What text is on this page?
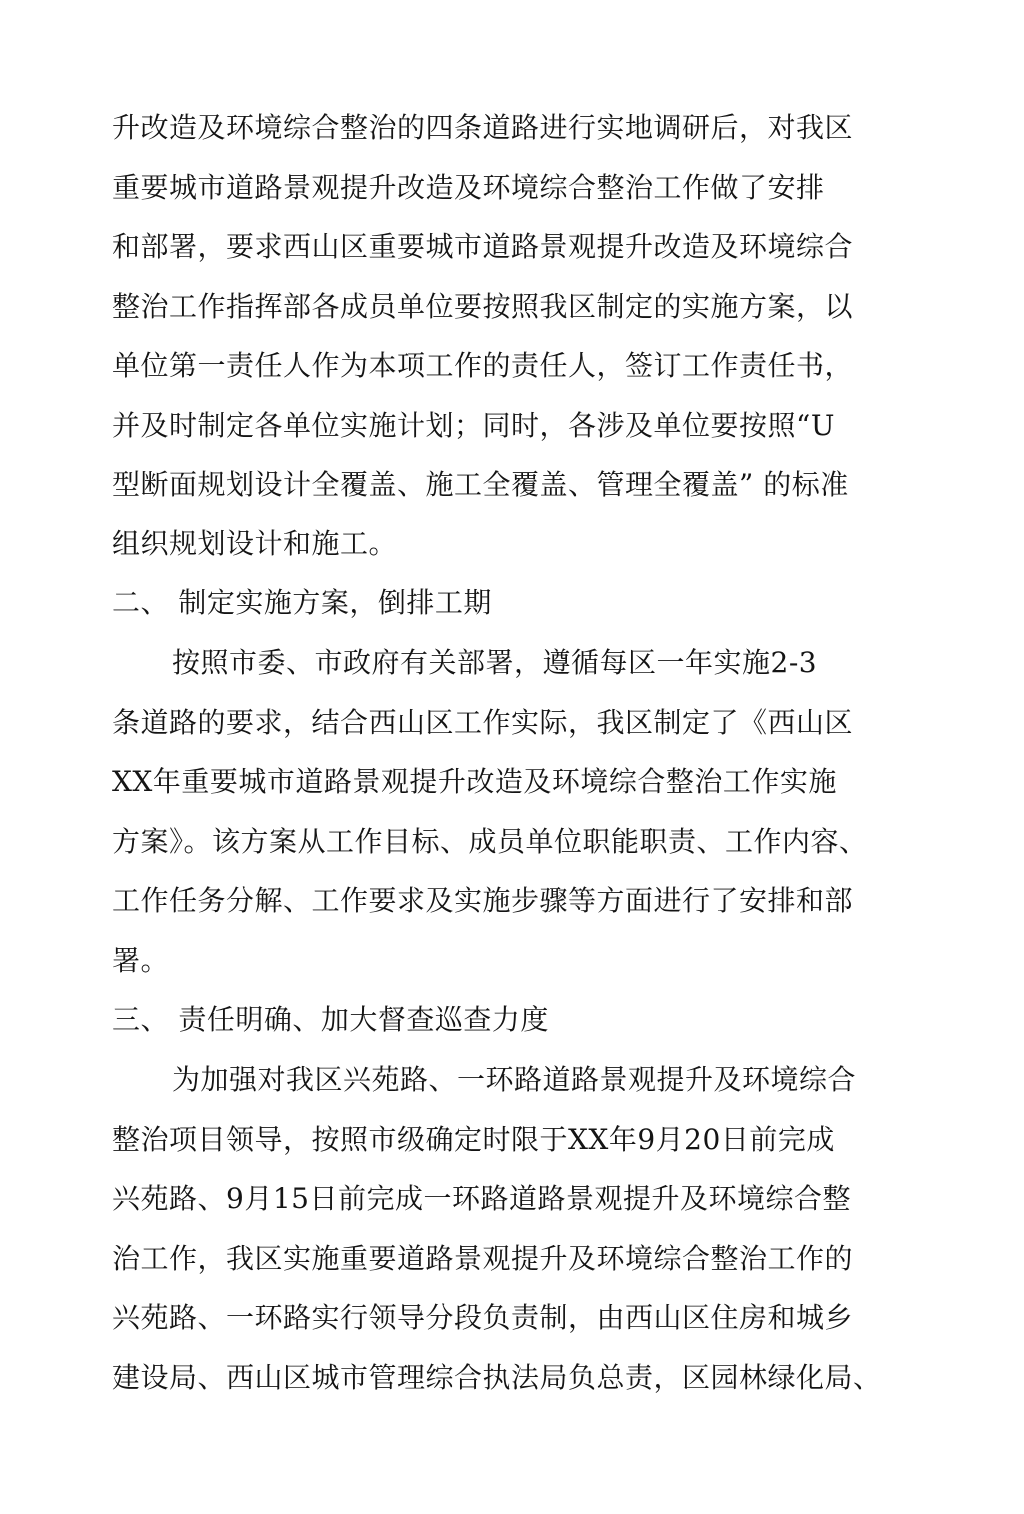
升改造及环境综合整治的四条道路进行实地调研后，对我区
重要城市道路景观提升改造及环境综合整治工作做了安排
和部署，要求西山区重要城市道路景观提升改造及环境综合
整治工作指挥部各成员单位要按照我区制定的实施方案，以
单位第一责任人作为本项工作的责任人，签订工作责任书，
并及时制定各单位实施计划；同时，各涉及单位要按照“U
型断面规划设计全覆盖、施工全覆盖、管理全覆盖” 的标准
组织规划设计和施工。
二、 制定实施方案，倒排工期
按照市委、市政府有关部署，遵循每区一年实施2-3
条道路的要求，结合西山区工作实际，我区制定了《西山区
XX年重要城市道路景观提升改造及环境综合整治工作实施
方案》。该方案从工作目标、成员单位职能职责、工作内容、
工作任务分解、工作要求及实施步骤等方面进行了安排和部
署。
三、 责任明确、加大督查巡查力度
为加强对我区兴苑路、一环路道路景观提升及环境综合
整治项目领导，按照市级确定时限于XX年9月20日前完成
兴苑路、9月15日前完成一环路道路景观提升及环境综合整
治工作，我区实施重要道路景观提升及环境综合整治工作的
兴苑路、一环路实行领导分段负责制，由西山区住房和城乡
建设局、西山区城市管理综合执法局负总责，区园林绿化局、
